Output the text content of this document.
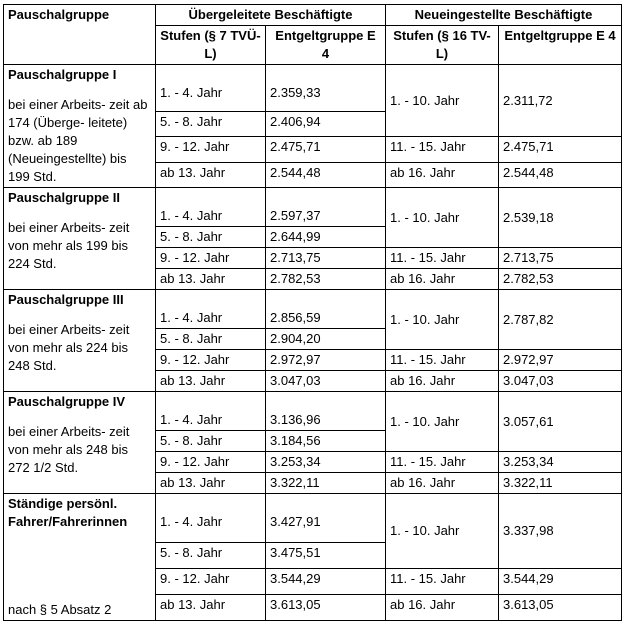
Pauschalgruppe	Übergeleitete Beschäftigte		Neueingestellte Beschäftigte	
	Stufen (§ 7 TVÜ-L)	Entgeltgruppe E 4	Stufen (§ 16 TV-L)	Entgeltgruppe E 4

Pauschalgruppe I
bei einer Arbeits- zeit ab 174 (Überge- leitete) bzw. ab 189 (Neueingestellte) bis 199 Std.	1. - 4. Jahr	2.359,33	1. - 10. Jahr	2.311,72
	5. - 8. Jahr	2.406,94		
	9. - 12. Jahr	2.475,71	11. - 15. Jahr	2.475,71
	ab 13. Jahr	2.544,48	ab 16. Jahr	2.544,48

Pauschalgruppe II
bei einer Arbeits- zeit von mehr als 199 bis 224 Std.	1. - 4. Jahr	2.597,37	1. - 10. Jahr	2.539,18
	5. - 8. Jahr	2.644,99		
	9. - 12. Jahr	2.713,75	11. - 15. Jahr	2.713,75
	ab 13. Jahr	2.782,53	ab 16. Jahr	2.782,53

Pauschalgruppe III
bei einer Arbeits- zeit von mehr als 224 bis 248 Std.	1. - 4. Jahr	2.856,59	1. - 10. Jahr	2.787,82
	5. - 8. Jahr	2.904,20		
	9. - 12. Jahr	2.972,97	11. - 15. Jahr	2.972,97
	ab 13. Jahr	3.047,03	ab 16. Jahr	3.047,03

Pauschalgruppe IV
bei einer Arbeits- zeit von mehr als 248 bis 272 1/2 Std.	1. - 4. Jahr	3.136,96	1. - 10. Jahr	3.057,61
	5. - 8. Jahr	3.184,56		
	9. - 12. Jahr	3.253,34	11. - 15. Jahr	3.253,34
	ab 13. Jahr	3.322,11	ab 16. Jahr	3.322,11

Ständige persönl. Fahrer/Fahrerinnen
nach § 5 Absatz 2	1. - 4. Jahr	3.427,91	1. - 10. Jahr	3.337,98
	5. - 8. Jahr	3.475,51		
	9. - 12. Jahr	3.544,29	11. - 15. Jahr	3.544,29
	ab 13. Jahr	3.613,05	ab 16. Jahr	3.613,05
